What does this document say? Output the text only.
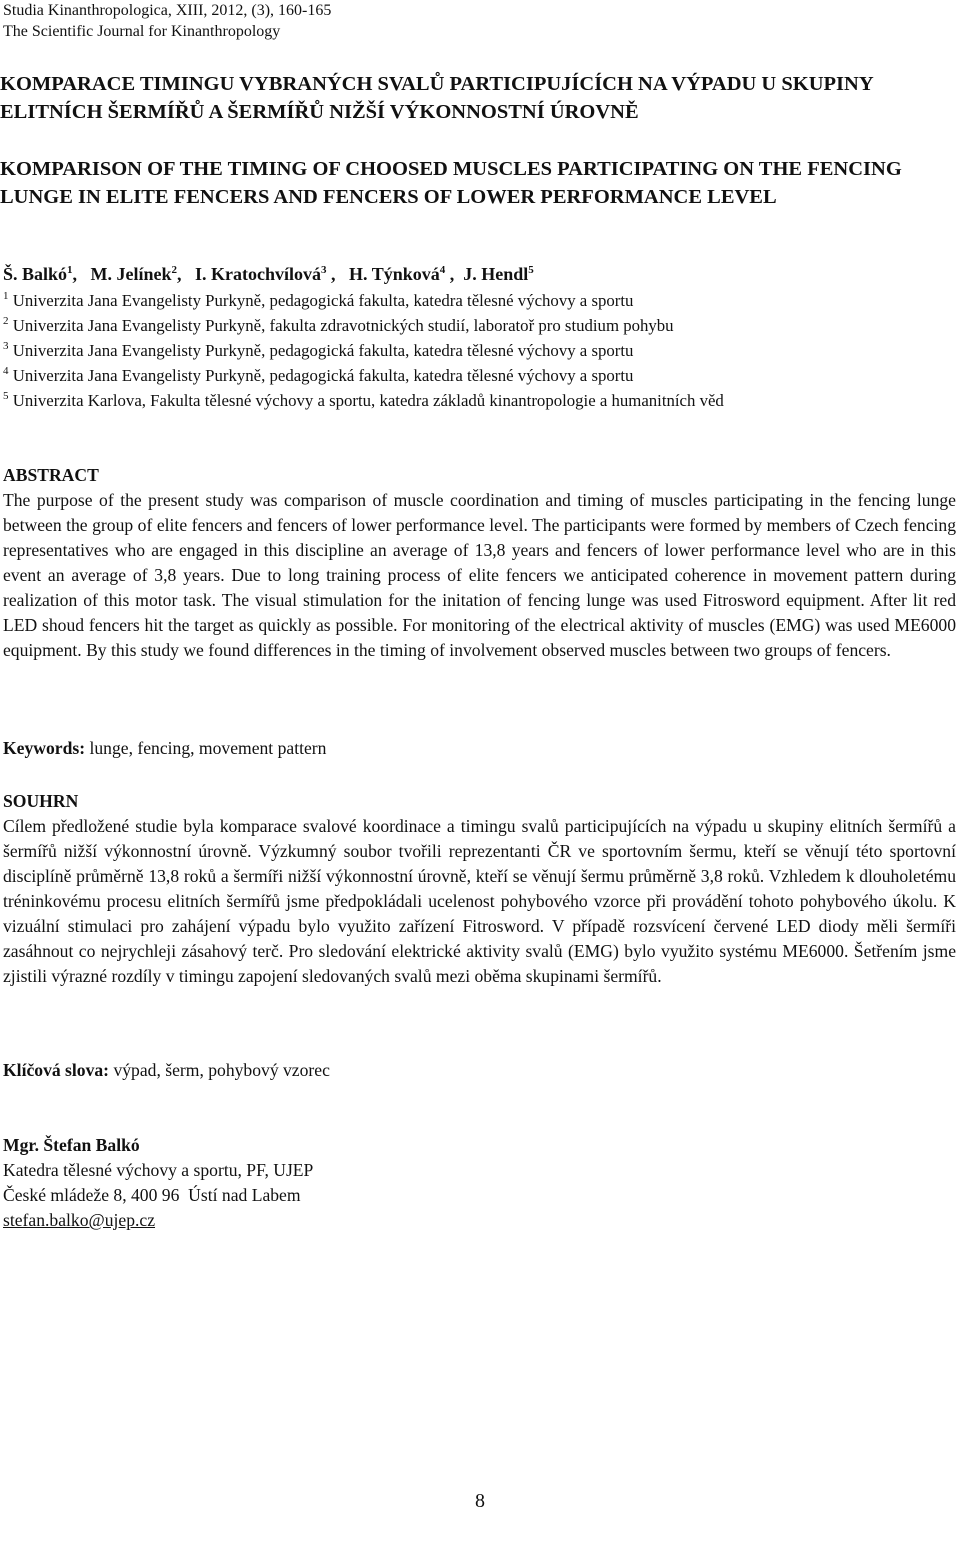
Studia Kinanthropologica, XIII, 2012, (3), 160-165
The Scientific Journal for Kinanthropology
KOMPARACE TIMINGU VYBRANÝCH SVALŮ PARTICIPUJÍCÍCH NA VÝPADU U SKUPINY ELITNÍCH ŠERMÍŘŮ A ŠERMÍŘŮ NIŽŠÍ VÝKONNOSTNÍ ÚROVNĚ
KOMPARISON OF THE TIMING OF CHOOSED MUSCLES PARTICIPATING ON THE FENCING LUNGE IN ELITE FENCERS AND FENCERS OF LOWER PERFORMANCE LEVEL
Š. Balkó$^1$,   M. Jelínek$^2$,   I. Kratochvílová$^3$ ,   H. Týnková$^4$ ,  J. Hendl$^5$
$^1$ Univerzita Jana Evangelisty Purkyně, pedagogická fakulta, katedra tělesné výchovy a sportu
$^2$ Univerzita Jana Evangelisty Purkyně, fakulta zdravotnických studií, laboratoř pro studium pohybu
$^3$ Univerzita Jana Evangelisty Purkyně, pedagogická fakulta, katedra tělesné výchovy a sportu
$^4$ Univerzita Jana Evangelisty Purkyně, pedagogická fakulta, katedra tělesné výchovy a sportu
$^5$ Univerzita Karlova, Fakulta tělesné výchovy a sportu, katedra základů kinantropologie a humanitních věd
ABSTRACT
The purpose of the present study was comparison of muscle coordination and timing of muscles participating in the fencing lunge between the group of elite fencers and fencers of lower performance level. The participants were formed by members of Czech fencing representatives who are engaged in this discipline an average of 13,8 years and fencers of lower performance level who are in this event an average of 3,8 years. Due to long training process of elite fencers we anticipated coherence in movement pattern during realization of this motor task. The visual stimulation for the initation of fencing lunge was used Fitrosword equipment. After lit red LED shoud fencers hit the target as quickly as possible. For monitoring of the electrical aktivity of muscles (EMG) was used ME6000 equipment. By this study we found differences in the timing of involvement observed muscles between two groups of fencers.
Keywords: lunge, fencing, movement pattern
SOUHRN
Cílem předložené studie byla komparace svalové koordinace a timingu svalů participujících na výpadu u skupiny elitních šermířů a šermířů nižší výkonnostní úrovně. Výzkumný soubor tvořili reprezentanti ČR ve sportovním šermu, kteří se věnují této sportovní disciplíně průměrně 13,8 roků a šermíři nižší výkonnostní úrovně, kteří se věnují šermu průměrně 3,8 roků. Vzhledem k dlouholetému tréninkovému procesu elitních šermířů jsme předpokládali ucelenost pohybového vzorce při provádění tohoto pohybového úkolu. K vizuální stimulaci pro zahájení výpadu bylo využito zařízení Fitrosword. V případě rozsvícení červené LED diody měli šermíři zasáhnout co nejrychleji zásahový terč. Pro sledování elektrické aktivity svalů (EMG) bylo využito systému ME6000. Šetřením jsme zjistili výrazné rozdíly v timingu zapojení sledovaných svalů mezi oběma skupinami šermířů.
Klíčová slova: výpad, šerm, pohybový vzorec
Mgr. Štefan Balkó
Katedra tělesné výchovy a sportu, PF, UJEP
České mládeže 8, 400 96  Ústí nad Labem
stefan.balko@ujep.cz
8
